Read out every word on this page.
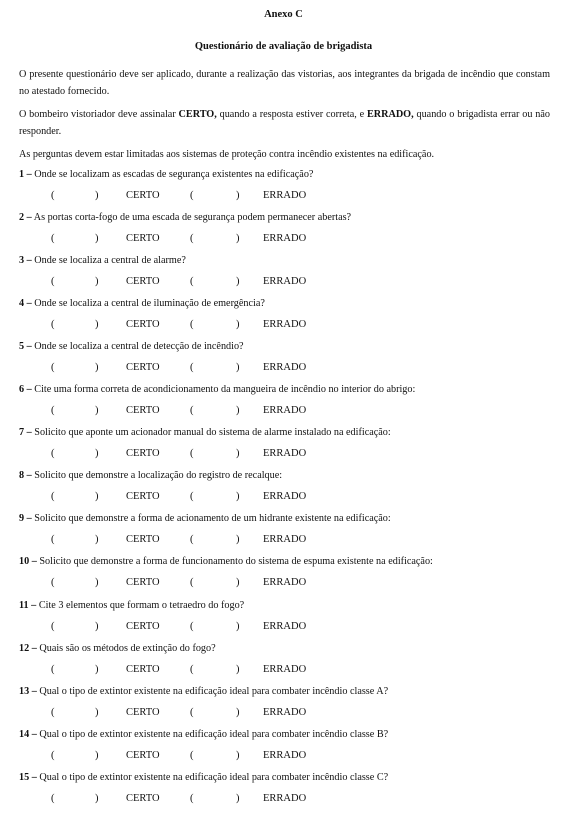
Anexo C
Questionário de avaliação de brigadista
O presente questionário deve ser aplicado, durante a realização das vistorias, aos integrantes da brigada de incêndio que constam no atestado fornecido.
O bombeiro vistoriador deve assinalar CERTO, quando a resposta estiver correta, e ERRADO, quando o brigadista errar ou não responder.
As perguntas devem estar limitadas aos sistemas de proteção contra incêndio existentes na edificação.
1 – Onde se localizam as escadas de segurança existentes na edificação?
(	)	CERTO	(	) ERRADO
2 – As portas corta-fogo de uma escada de segurança podem permanecer abertas?
(	)	CERTO	(	) ERRADO
3 – Onde se localiza a central de alarme?
(	)	CERTO	(	) ERRADO
4 – Onde se localiza a central de iluminação de emergência?
(	)	CERTO	(	) ERRADO
5 – Onde se localiza a central de detecção de incêndio?
(	)	CERTO	(	) ERRADO
6 – Cite uma forma correta de acondicionamento da mangueira de incêndio no interior do abrigo:
(	)	CERTO	(	) ERRADO
7 – Solicito que aponte um acionador manual do sistema de alarme instalado na edificação:
(	)	CERTO	(	) ERRADO
8 – Solicito que demonstre a localização do registro de recalque:
(	)	CERTO	(	) ERRADO
9 – Solicito que demonstre a forma de acionamento de um hidrante existente na edificação:
(	)	CERTO	(	) ERRADO
10 – Solicito que demonstre a forma de funcionamento do sistema de espuma existente na edificação:
(	)	CERTO	(	) ERRADO
11 – Cite 3 elementos que formam o tetraedro do fogo?
(	)	CERTO	(	) ERRADO
12 – Quais são os métodos de extinção do fogo?
(	)	CERTO	(	) ERRADO
13 – Qual o tipo de extintor existente na edificação ideal para combater incêndio classe A?
(	)	CERTO	(	) ERRADO
14 – Qual o tipo de extintor existente na edificação ideal para combater incêndio classe B?
(	)	CERTO	(	) ERRADO
15 – Qual o tipo de extintor existente na edificação ideal para combater incêndio classe C?
(	)	CERTO	(	) ERRADO
